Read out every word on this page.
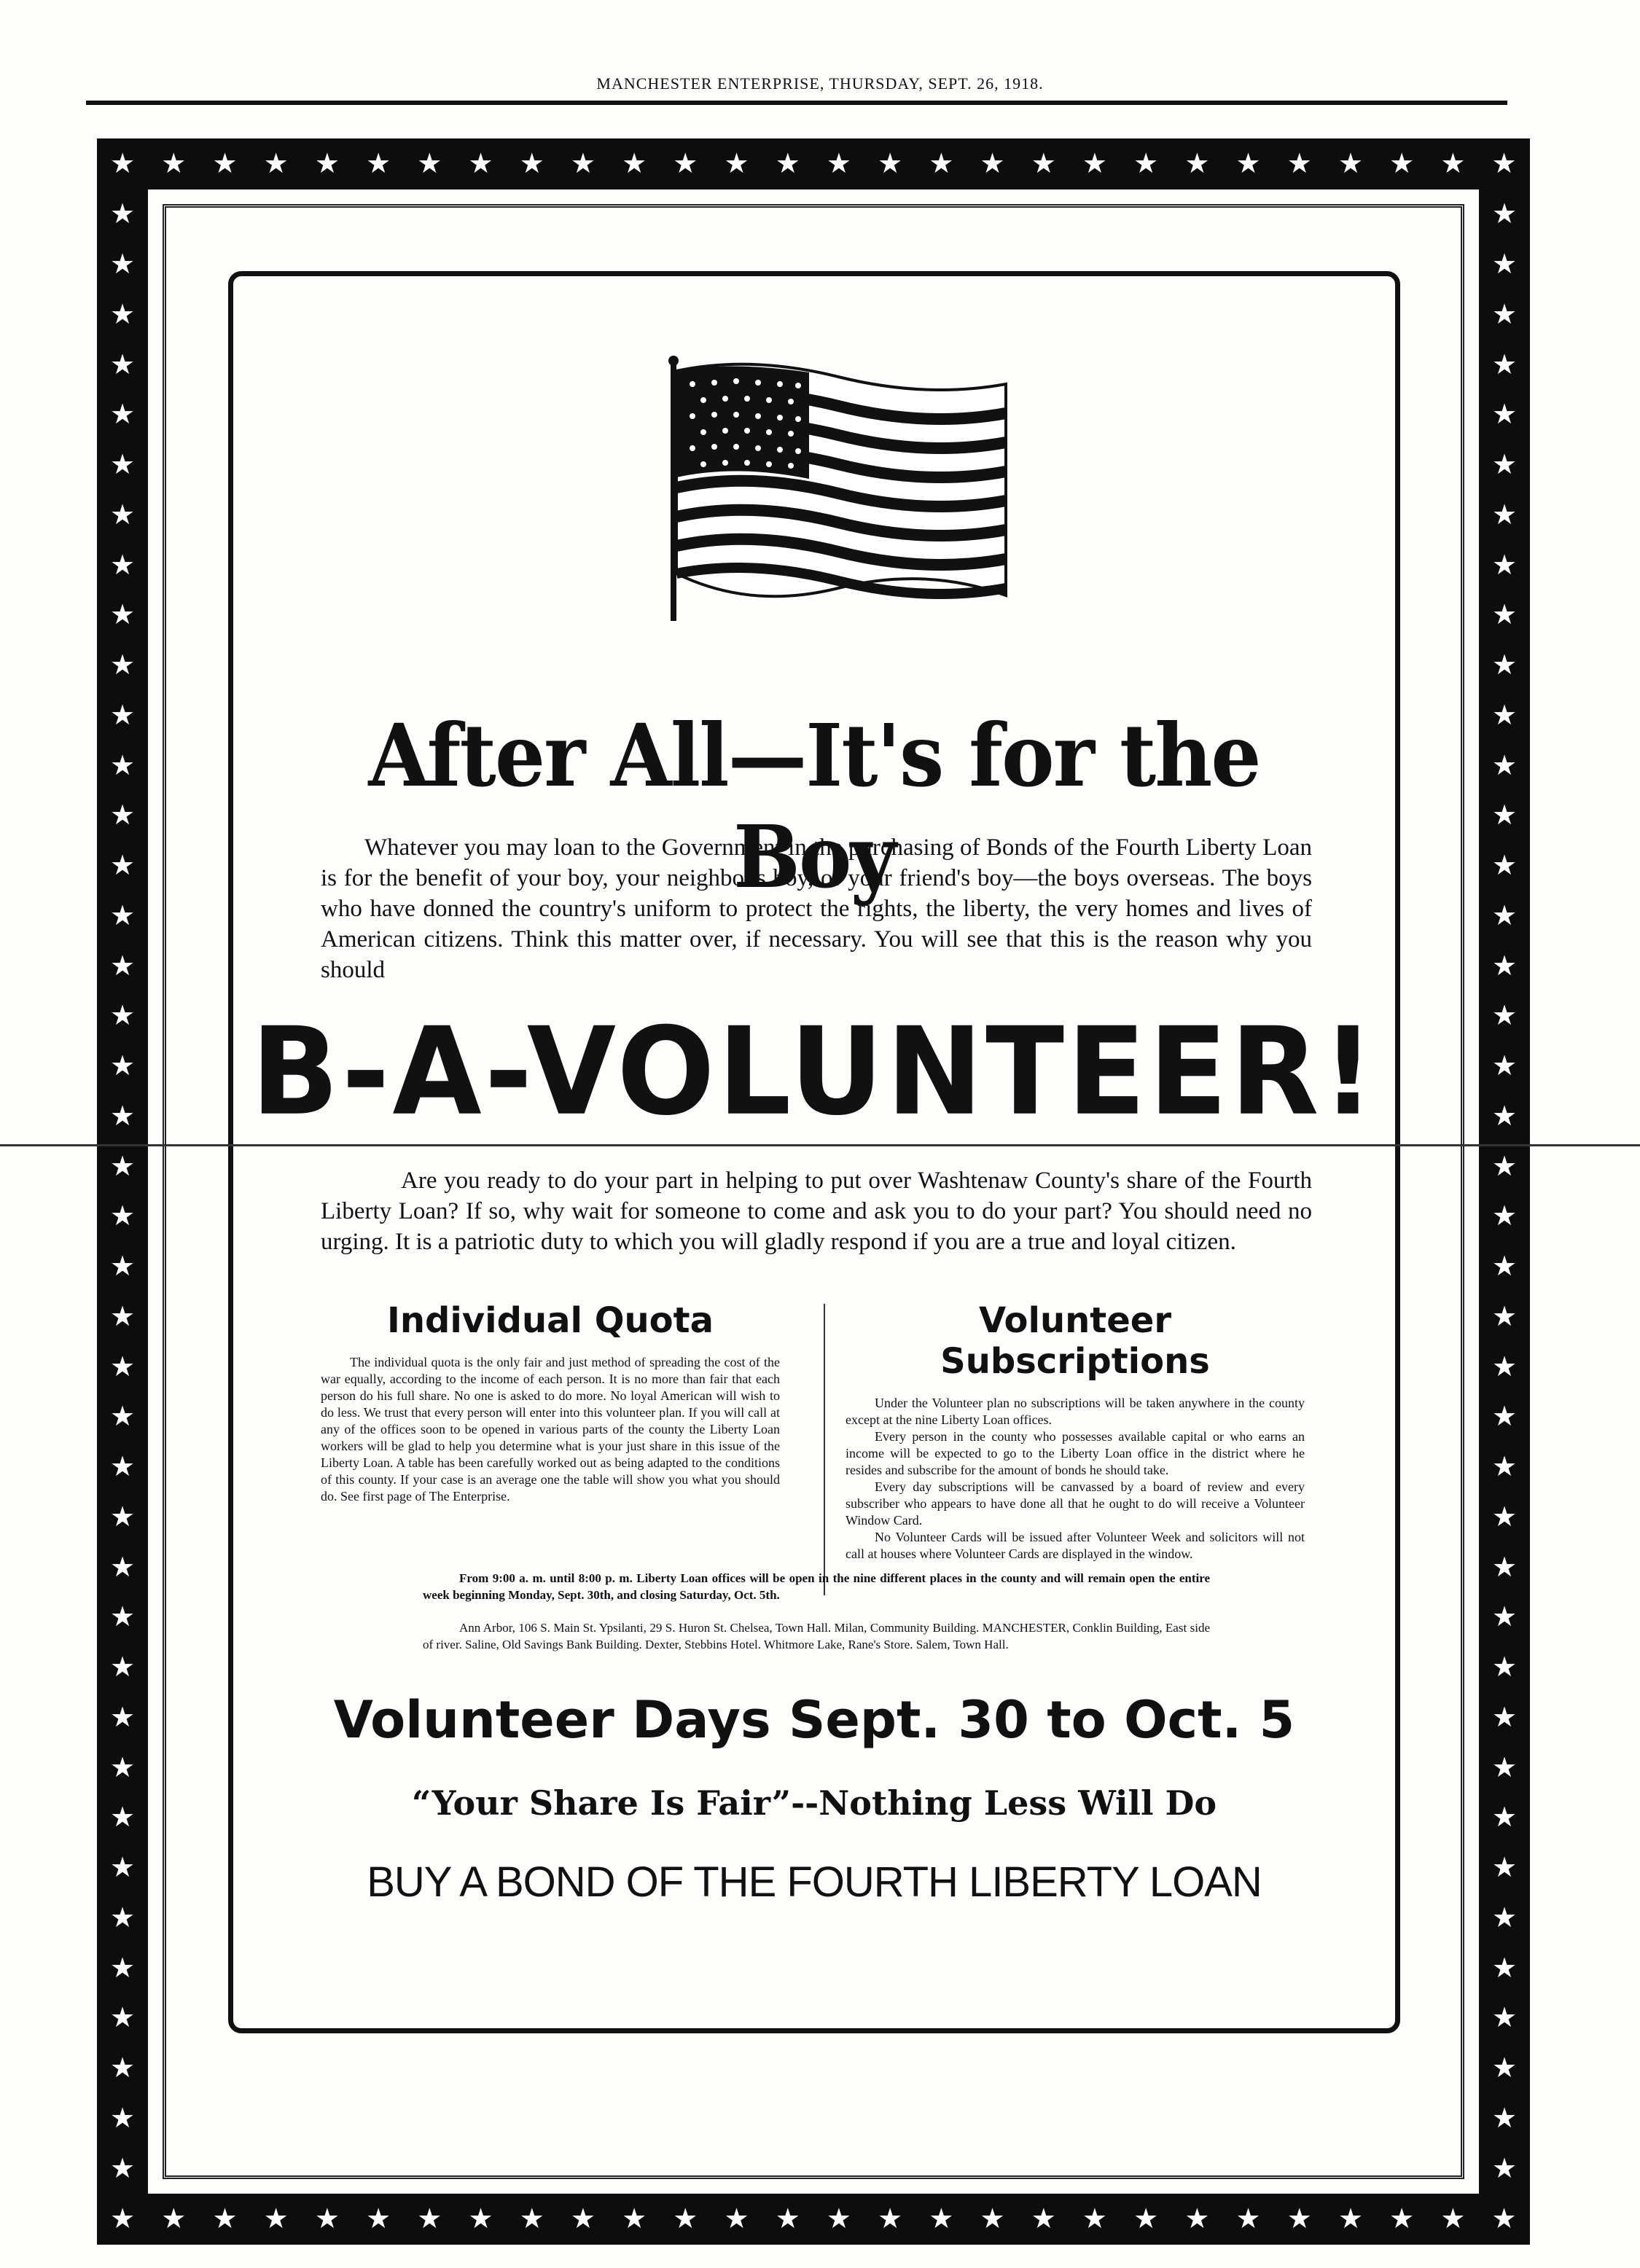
MANCHESTER ENTERPRISE, THURSDAY, SEPT. 26, 1918.
★ ★ ★ ★ ★ ★ ★ ★ ★ ★ ★ ★ ★ ★ ★ ★ ★ ★ ★ ★ ★ ★ ★ ★ ★ ★ ★ ★
★ ★ ★ ★ ★ ★ ★ ★ ★ ★ ★ ★ ★ ★ ★ ★ ★ ★ ★ ★ ★ ★ ★ ★ ★ ★ ★ ★
★
★
★
★
★
★
★
★
★
★
★
★
★
★
★
★
★
★
★
★
★
★
★
★
★
★
★
★
★
★
★
★
★
★
★
★
★
★
★
★
★
★
★
★
★
★
★
★
★
★
★
★
★
★
★
★
★
★
★
★
★
★
★
★
★
★
★
★
★
★
★
★
★
★
★
★
★
★
★
★
After All—It's for the Boy
Whatever you may loan to the Government in the purchasing of Bonds of the Fourth Liberty Loan is for the benefit of your boy, your neighbor's boy, or your friend's boy—the boys overseas. The boys who have donned the country's uniform to protect the rights, the liberty, the very homes and lives of American citizens. Think this matter over, if necessary. You will see that this is the reason why you should
B-A-VOLUNTEER!
Are you ready to do your part in helping to put over Washtenaw County's share of the Fourth Liberty Loan? If so, why wait for someone to come and ask you to do your part? You should need no urging. It is a patriotic duty to which you will gladly respond if you are a true and loyal citizen.
Individual Quota

The individual quota is the only fair and just method of spreading the cost of the war equally, according to the income of each person. It is no more than fair that each person do his full share. No one is asked to do more. No loyal American will wish to do less. We trust that every person will enter into this volunteer plan. If you will call at any of the offices soon to be opened in various parts of the county the Liberty Loan workers will be glad to help you determine what is your just share in this issue of the Liberty Loan. A table has been carefully worked out as being adapted to the conditions of this county. If your case is an average one the table will show you what you should do. See first page of The Enterprise.

Volunteer Subscriptions

Under the Volunteer plan no subscriptions will be taken anywhere in the county except at the nine Liberty Loan offices.

Every person in the county who possesses available capital or who earns an income will be expected to go to the Liberty Loan office in the district where he resides and subscribe for the amount of bonds he should take.

Every day subscriptions will be canvassed by a board of review and every subscriber who appears to have done all that he ought to do will receive a Volunteer Window Card.

No Volunteer Cards will be issued after Volunteer Week and solicitors will not call at houses where Volunteer Cards are displayed in the window.

From 9:00 a. m. until 8:00 p. m. Liberty Loan offices will be open in the nine different places in the county and will remain open the entire week beginning Monday, Sept. 30th, and closing Saturday, Oct. 5th.
Ann Arbor, 106 S. Main St. Ypsilanti, 29 S. Huron St. Chelsea, Town Hall. Milan, Community Building. MANCHESTER, Conklin Building, East side of river. Saline, Old Savings Bank Building. Dexter, Stebbins Hotel. Whitmore Lake, Rane's Store. Salem, Town Hall.
Volunteer Days Sept. 30 to Oct. 5
“Your Share Is Fair”--Nothing Less Will Do
BUY A BOND OF THE FOURTH LIBERTY LOAN
